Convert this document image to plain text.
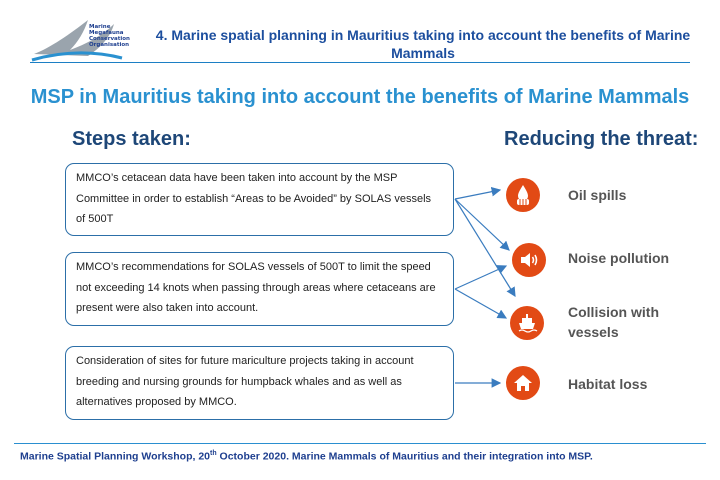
Marine
Megafauna
Conservation
Organisation
4. Marine spatial planning in Mauritius taking into account the benefits of Marine Mammals
MSP in Mauritius taking into account the benefits of Marine Mammals
Steps taken:	Reducing the threat:
MMCO’s cetacean data have been taken into account by the MSP Committee in order to establish “Areas to be Avoided” by SOLAS vessels of 500T
MMCO’s recommendations for SOLAS vessels of 500T to limit the speed not exceeding 14 knots when passing through areas where cetaceans are present were also taken into account.
Consideration of sites for future mariculture projects taking in account breeding and nursing grounds for humpback whales and as well as alternatives proposed by MMCO.
Oil spills
Noise pollution
Collision with vessels
Habitat loss
Marine Spatial Planning Workshop, 20th October 2020. Marine Mammals of Mauritius and their integration into MSP.
